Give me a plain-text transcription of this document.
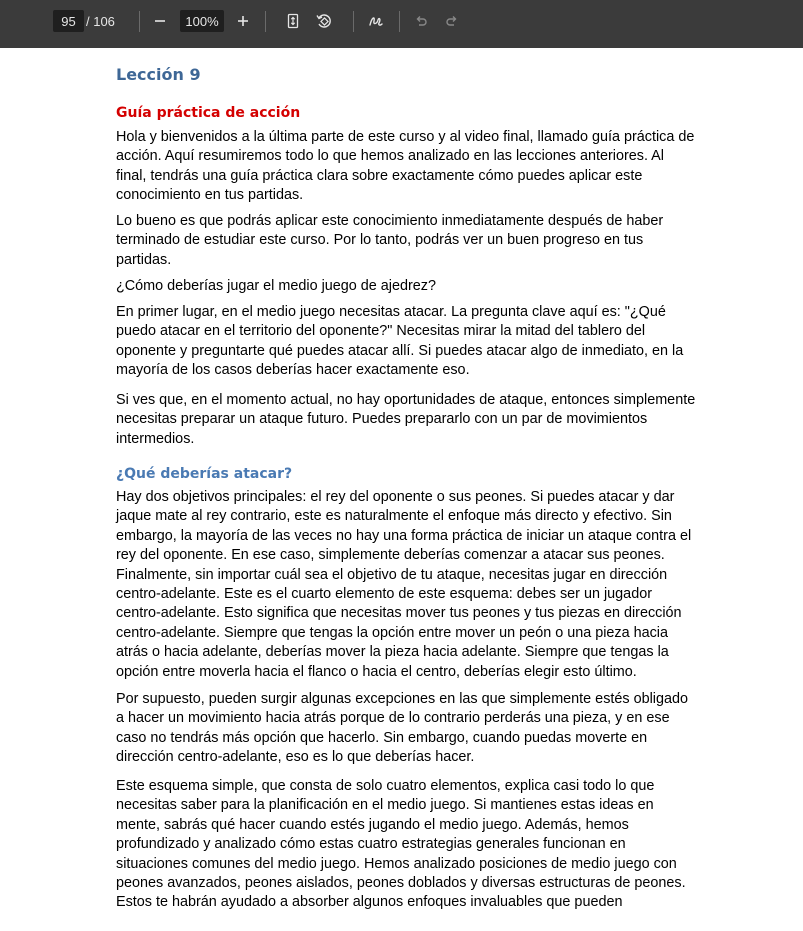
95 / 106	100%
Lección 9
Guía práctica de acción

Hola y bienvenidos a la última parte de este curso y al video final, llamado guía práctica de acción. Aquí resumiremos todo lo que hemos analizado en las lecciones anteriores. Al final, tendrás una guía práctica clara sobre exactamente cómo puedes aplicar este conocimiento en tus partidas.

Lo bueno es que podrás aplicar este conocimiento inmediatamente después de haber terminado de estudiar este curso. Por lo tanto, podrás ver un buen progreso en tus partidas.

¿Cómo deberías jugar el medio juego de ajedrez?

En primer lugar, en el medio juego necesitas atacar. La pregunta clave aquí es: "¿Qué puedo atacar en el territorio del oponente?" Necesitas mirar la mitad del tablero del oponente y preguntarte qué puedes atacar allí. Si puedes atacar algo de inmediato, en la mayoría de los casos deberías hacer exactamente eso.

Si ves que, en el momento actual, no hay oportunidades de ataque, entonces simplemente necesitas preparar un ataque futuro. Puedes prepararlo con un par de movimientos intermedios.

¿Qué deberías atacar?

Hay dos objetivos principales: el rey del oponente o sus peones. Si puedes atacar y dar jaque mate al rey contrario, este es naturalmente el enfoque más directo y efectivo. Sin embargo, la mayoría de las veces no hay una forma práctica de iniciar un ataque contra el rey del oponente. En ese caso, simplemente deberías comenzar a atacar sus peones. Finalmente, sin importar cuál sea el objetivo de tu ataque, necesitas jugar en dirección centro-adelante. Este es el cuarto elemento de este esquema: debes ser un jugador centro-adelante. Esto significa que necesitas mover tus peones y tus piezas en dirección centro-adelante. Siempre que tengas la opción entre mover un peón o una pieza hacia atrás o hacia adelante, deberías mover la pieza hacia adelante. Siempre que tengas la opción entre moverla hacia el flanco o hacia el centro, deberías elegir esto último.

Por supuesto, pueden surgir algunas excepciones en las que simplemente estés obligado a hacer un movimiento hacia atrás porque de lo contrario perderás una pieza, y en ese caso no tendrás más opción que hacerlo. Sin embargo, cuando puedas moverte en dirección centro-adelante, eso es lo que deberías hacer.

Este esquema simple, que consta de solo cuatro elementos, explica casi todo lo que necesitas saber para la planificación en el medio juego. Si mantienes estas ideas en mente, sabrás qué hacer cuando estés jugando el medio juego. Además, hemos profundizado y analizado cómo estas cuatro estrategias generales funcionan en situaciones comunes del medio juego. Hemos analizado posiciones de medio juego con peones avanzados, peones aislados, peones doblados y diversas estructuras de peones. Estos te habrán ayudado a absorber algunos enfoques invaluables que pueden
